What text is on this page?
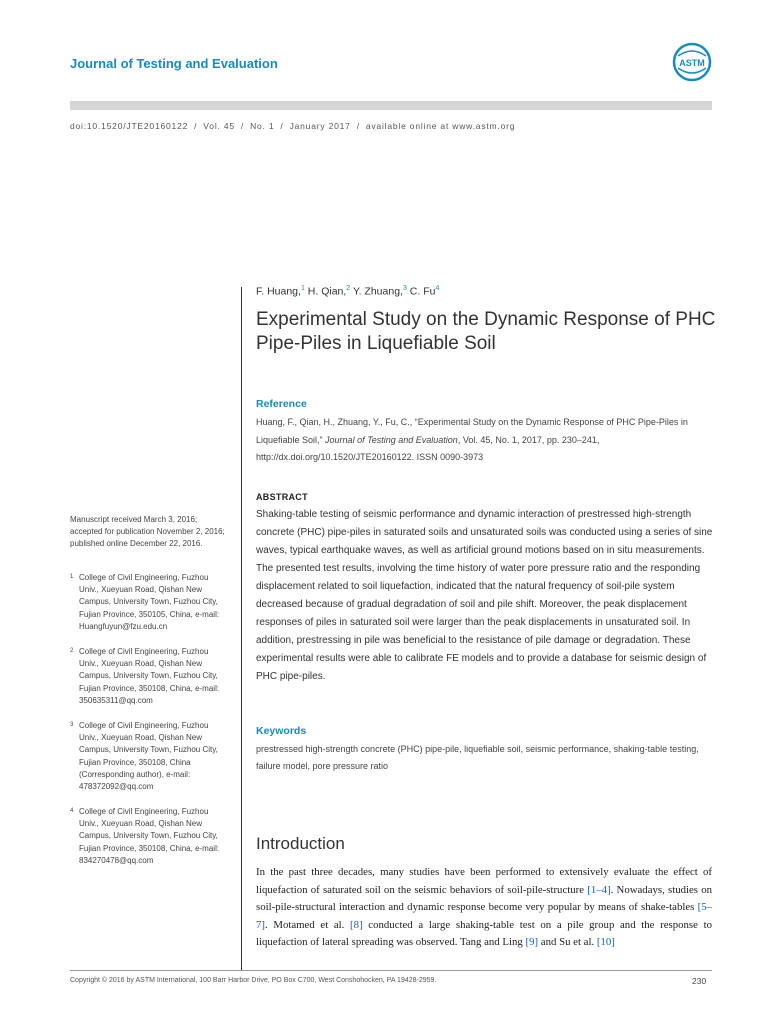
Journal of Testing and Evaluation	ASTM
doi:10.1520/JTE20160122 / Vol. 45 / No. 1 / January 2017 / available online at www.astm.org
F. Huang,$^1$ H. Qian,$^2$ Y. Zhuang,$^3$ C. Fu$^4$
Experimental Study on the Dynamic Response of PHC Pipe-Piles in Liquefiable Soil
Reference
Huang, F., Qian, H., Zhuang, Y., Fu, C., “Experimental Study on the Dynamic Response of PHC Pipe-Piles in Liquefiable Soil,” Journal of Testing and Evaluation, Vol. 45, No. 1, 2017, pp. 230–241, http://dx.doi.org/10.1520/JTE20160122. ISSN 0090-3973
ABSTRACT
Shaking-table testing of seismic performance and dynamic interaction of prestressed high-strength concrete (PHC) pipe-piles in saturated soils and unsaturated soils was conducted using a series of sine waves, typical earthquake waves, as well as artificial ground motions based on in situ measurements. The presented test results, involving the time history of water pore pressure ratio and the responding displacement related to soil liquefaction, indicated that the natural frequency of soil-pile system decreased because of gradual degradation of soil and pile shift. Moreover, the peak displacement responses of piles in saturated soil were larger than the peak displacements in unsaturated soil. In addition, prestressing in pile was beneficial to the resistance of pile damage or degradation. These experimental results were able to calibrate FE models and to provide a database for seismic design of PHC pipe-piles.
Keywords
prestressed high-strength concrete (PHC) pipe-pile, liquefiable soil, seismic performance, shaking-table testing, failure model, pore pressure ratio
Introduction
In the past three decades, many studies have been performed to extensively evaluate the effect of liquefaction of saturated soil on the seismic behaviors of soil-pile-structure [1–4]. Nowadays, studies on soil-pile-structural interaction and dynamic response become very popular by means of shake-tables [5–7]. Motamed et al. [8] conducted a large shaking-table test on a pile group and the response to liquefaction of lateral spreading was observed. Tang and Ling [9] and Su et al. [10]
Manuscript received March 3, 2016; accepted for publication November 2, 2016; published online December 22, 2016.
1 College of Civil Engineering, Fuzhou Univ., Xueyuan Road, Qishan New Campus, University Town, Fuzhou City, Fujian Province, 350105, China, e-mail: Huangfuyun@fzu.edu.cn
2 College of Civil Engineering, Fuzhou Univ., Xueyuan Road, Qishan New Campus, University Town, Fuzhou City, Fujian Province, 350108, China, e-mail: 350635311@qq.com
3 College of Civil Engineering, Fuzhou Univ., Xueyuan Road, Qishan New Campus, University Town, Fuzhou City, Fujian Province, 350108, China (Corresponding author), e-mail: 478372092@qq.com
4 College of Civil Engineering, Fuzhou Univ., Xueyuan Road, Qishan New Campus, University Town, Fuzhou City, Fujian Province, 350108, China, e-mail: 834270478@qq.com
Copyright © 2016 by ASTM International, 100 Barr Harbor Drive, PO Box C700, West Conshohocken, PA 19428-2959.	230
